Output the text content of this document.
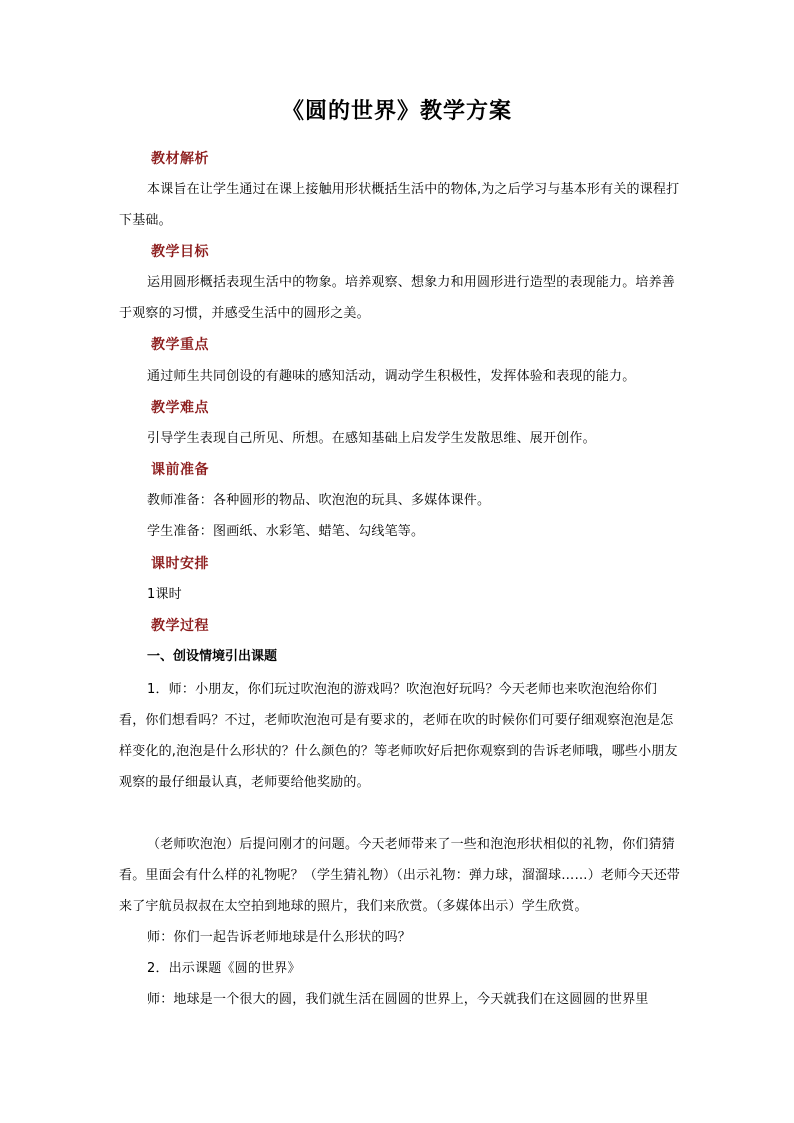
《圆的世界》教学方案
教材解析
本课旨在让学生通过在课上接触用形状概括生活中的物体,为之后学习与基本形有关的课程打下基础。
教学目标
运用圆形概括表现生活中的物象。培养观察、想象力和用圆形进行造型的表现能力。培养善于观察的习惯，并感受生活中的圆形之美。
教学重点
通过师生共同创设的有趣味的感知活动，调动学生积极性，发挥体验和表现的能力。
教学难点
引导学生表现自己所见、所想。在感知基础上启发学生发散思维、展开创作。
课前准备
教师准备：各种圆形的物品、吹泡泡的玩具、多媒体课件。
学生准备：图画纸、水彩笔、蜡笔、勾线笔等。
课时安排
1课时
教学过程
一、创设情境引出课题
1．师：小朋友，你们玩过吹泡泡的游戏吗？吹泡泡好玩吗？今天老师也来吹泡泡给你们看，你们想看吗？不过，老师吹泡泡可是有要求的，老师在吹的时候你们可要仔细观察泡泡是怎样变化的,泡泡是什么形状的？什么颜色的？等老师吹好后把你观察到的告诉老师哦，哪些小朋友观察的最仔细最认真，老师要给他奖励的。
（老师吹泡泡）后提问刚才的问题。今天老师带来了一些和泡泡形状相似的礼物，你们猜猜看。里面会有什么样的礼物呢？（学生猜礼物）（出示礼物：弹力球，溜溜球……）老师今天还带来了宇航员叔叔在太空拍到地球的照片，我们来欣赏。（多媒体出示）学生欣赏。
师：你们一起告诉老师地球是什么形状的吗？
2．出示课题《圆的世界》
师：地球是一个很大的圆，我们就生活在圆圆的世界上，今天就我们在这圆圆的世界里
